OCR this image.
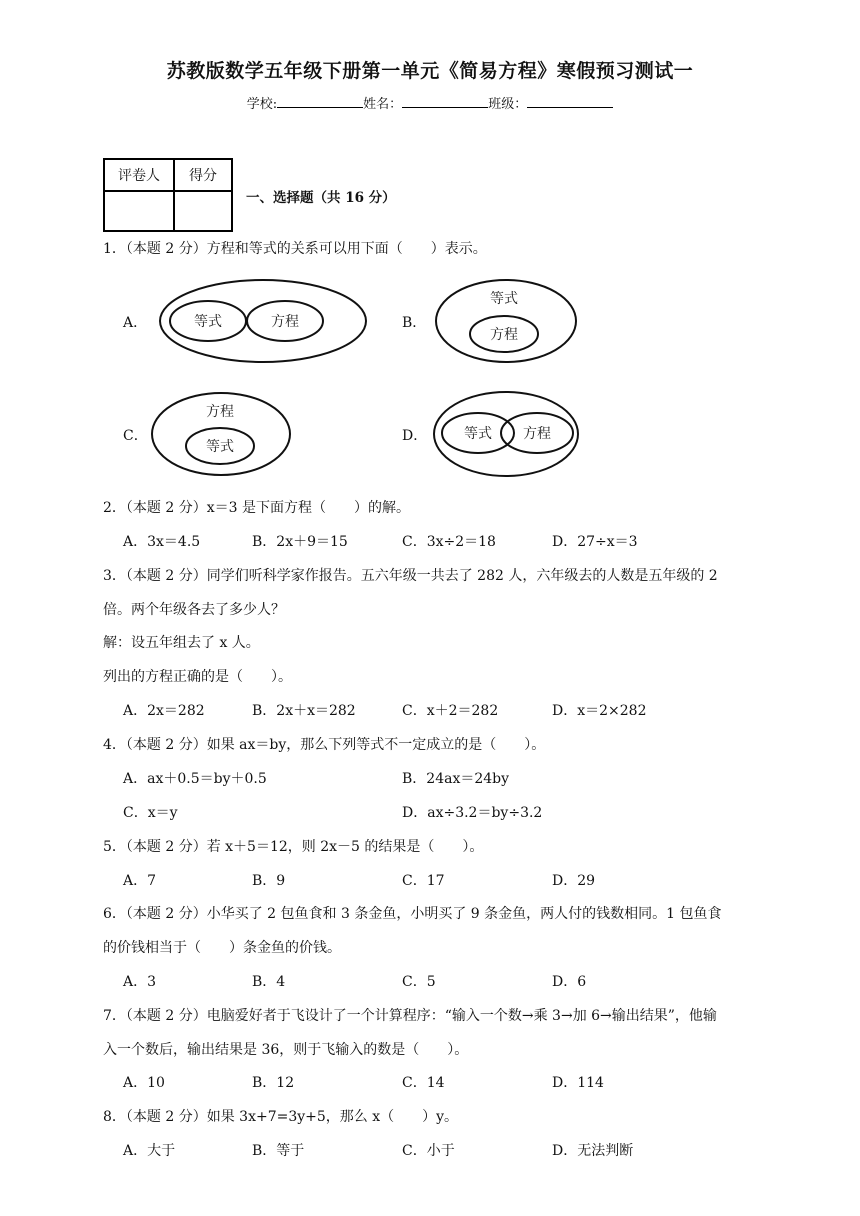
苏教版数学五年级下册第一单元《简易方程》寒假预习测试一
学校:	姓名：	班级：
评卷人	得分

一、选择题（共 16 分）
1．（本题 2 分）方程和等式的关系可以用下面（　　）表示。
A．	等式	方程	B．
等式
方程
C．
方程
等式
D．	等式 方程
2．（本题 2 分）x＝3 是下面方程（　　）的解。
A．3x＝4.5	B．2x＋9＝15	C．3x÷2＝18	D．27÷x＝3
3．（本题 2 分）同学们听科学家作报告。五六年级一共去了 282 人，六年级去的人数是五年级的 2
倍。两个年级各去了多少人？
解：设五年组去了 x 人。
列出的方程正确的是（　　）。
A．2x＝282	B．2x＋x＝282	C．x＋2＝282	D．x＝2×282
4．（本题 2 分）如果 ax＝by，那么下列等式不一定成立的是（　　）。
A．ax＋0.5＝by＋0.5	B．24ax＝24by
C．x＝y	D．ax÷3.2＝by÷3.2
5．（本题 2 分）若 x＋5＝12，则 2x－5 的结果是（　　）。
A．7	B．9	C．17	D．29
6．（本题 2 分）小华买了 2 包鱼食和 3 条金鱼，小明买了 9 条金鱼，两人付的钱数相同。1 包鱼食
的价钱相当于（　　）条金鱼的价钱。
A．3	B．4	C．5	D．6
7．（本题 2 分）电脑爱好者于飞设计了一个计算程序：“输入一个数→乘 3→加 6→输出结果”，他输
入一个数后，输出结果是 36，则于飞输入的数是（　　）。
A．10	B．12	C．14	D．114
8．（本题 2 分）如果 3x+7=3y+5，那么 x（　　）y。
A．大于	B．等于	C．小于	D．无法判断
